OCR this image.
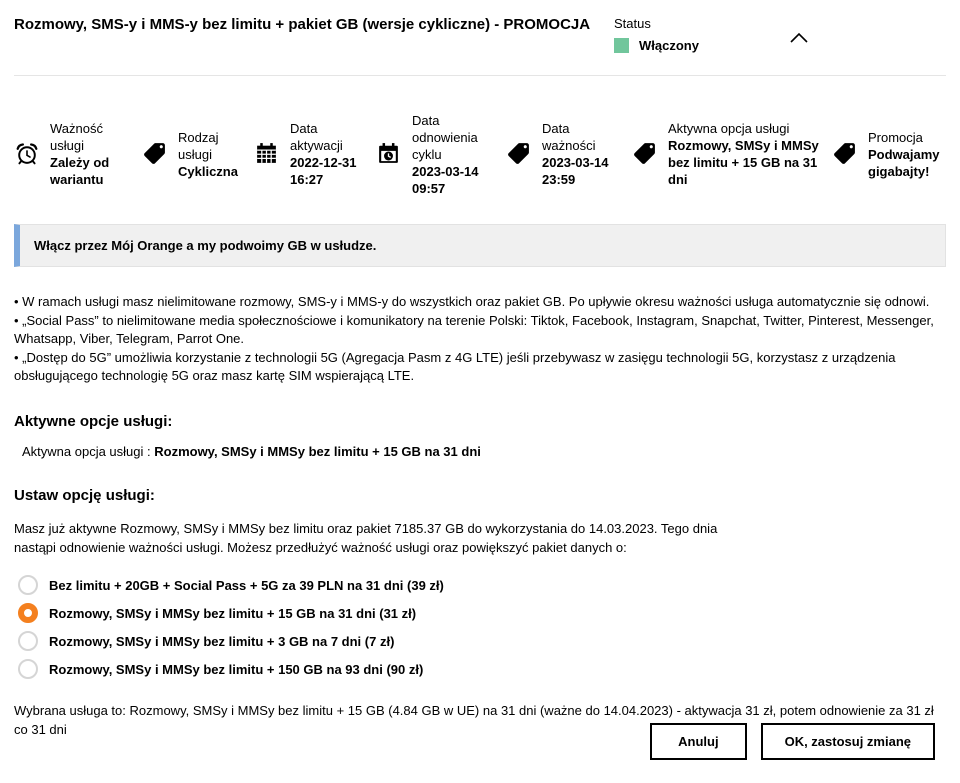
Rozmowy, SMS-y i MMS-y bez limitu + pakiet GB (wersje cykliczne) - PROMOCJA	Status
Włączony
Ważność usługi
Zależy od wariantu
Rodzaj usługi
Cykliczna
Data aktywacji
2022-12-31 16:27
Data odnowienia cyklu
2023-03-14 09:57
Data ważności
2023-03-14 23:59
Aktywna opcja usługi
Rozmowy, SMSy i MMSy bez limitu + 15 GB na 31 dni
Promocja
Podwajamy gigabajty!
Włącz przez Mój Orange a my podwoimy GB w usłudze.
• W ramach usługi masz nielimitowane rozmowy, SMS-y i MMS-y do wszystkich oraz pakiet GB. Po upływie okresu ważności usługa automatycznie się odnowi.
• „Social Pass” to nielimitowane media społecznościowe i komunikatory na terenie Polski: Tiktok, Facebook, Instagram, Snapchat, Twitter, Pinterest, Messenger, Whatsapp, Viber, Telegram, Parrot One.
• „Dostęp do 5G” umożliwia korzystanie z technologii 5G (Agregacja Pasm z 4G LTE) jeśli przebywasz w zasięgu technologii 5G, korzystasz z urządzenia obsługującego technologię 5G oraz masz kartę SIM wspierającą LTE.
Aktywne opcje usługi:
Aktywna opcja usługi : Rozmowy, SMSy i MMSy bez limitu + 15 GB na 31 dni
Ustaw opcję usługi:
Masz już aktywne Rozmowy, SMSy i MMSy bez limitu oraz pakiet 7185.37 GB do wykorzystania do 14.03.2023. Tego dnia nastąpi odnowienie ważności usługi. Możesz przedłużyć ważność usługi oraz powiększyć pakiet danych o:
Bez limitu + 20GB + Social Pass + 5G za 39 PLN na 31 dni (39 zł)
Rozmowy, SMSy i MMSy bez limitu + 15 GB na 31 dni (31 zł)
Rozmowy, SMSy i MMSy bez limitu + 3 GB na 7 dni (7 zł)
Rozmowy, SMSy i MMSy bez limitu + 150 GB na 93 dni (90 zł)
Wybrana usługa to: Rozmowy, SMSy i MMSy bez limitu + 15 GB (4.84 GB w UE) na 31 dni (ważne do 14.04.2023) - aktywacja 31 zł, potem odnowienie za 31 zł co 31 dni
Anuluj	OK, zastosuj zmianę
